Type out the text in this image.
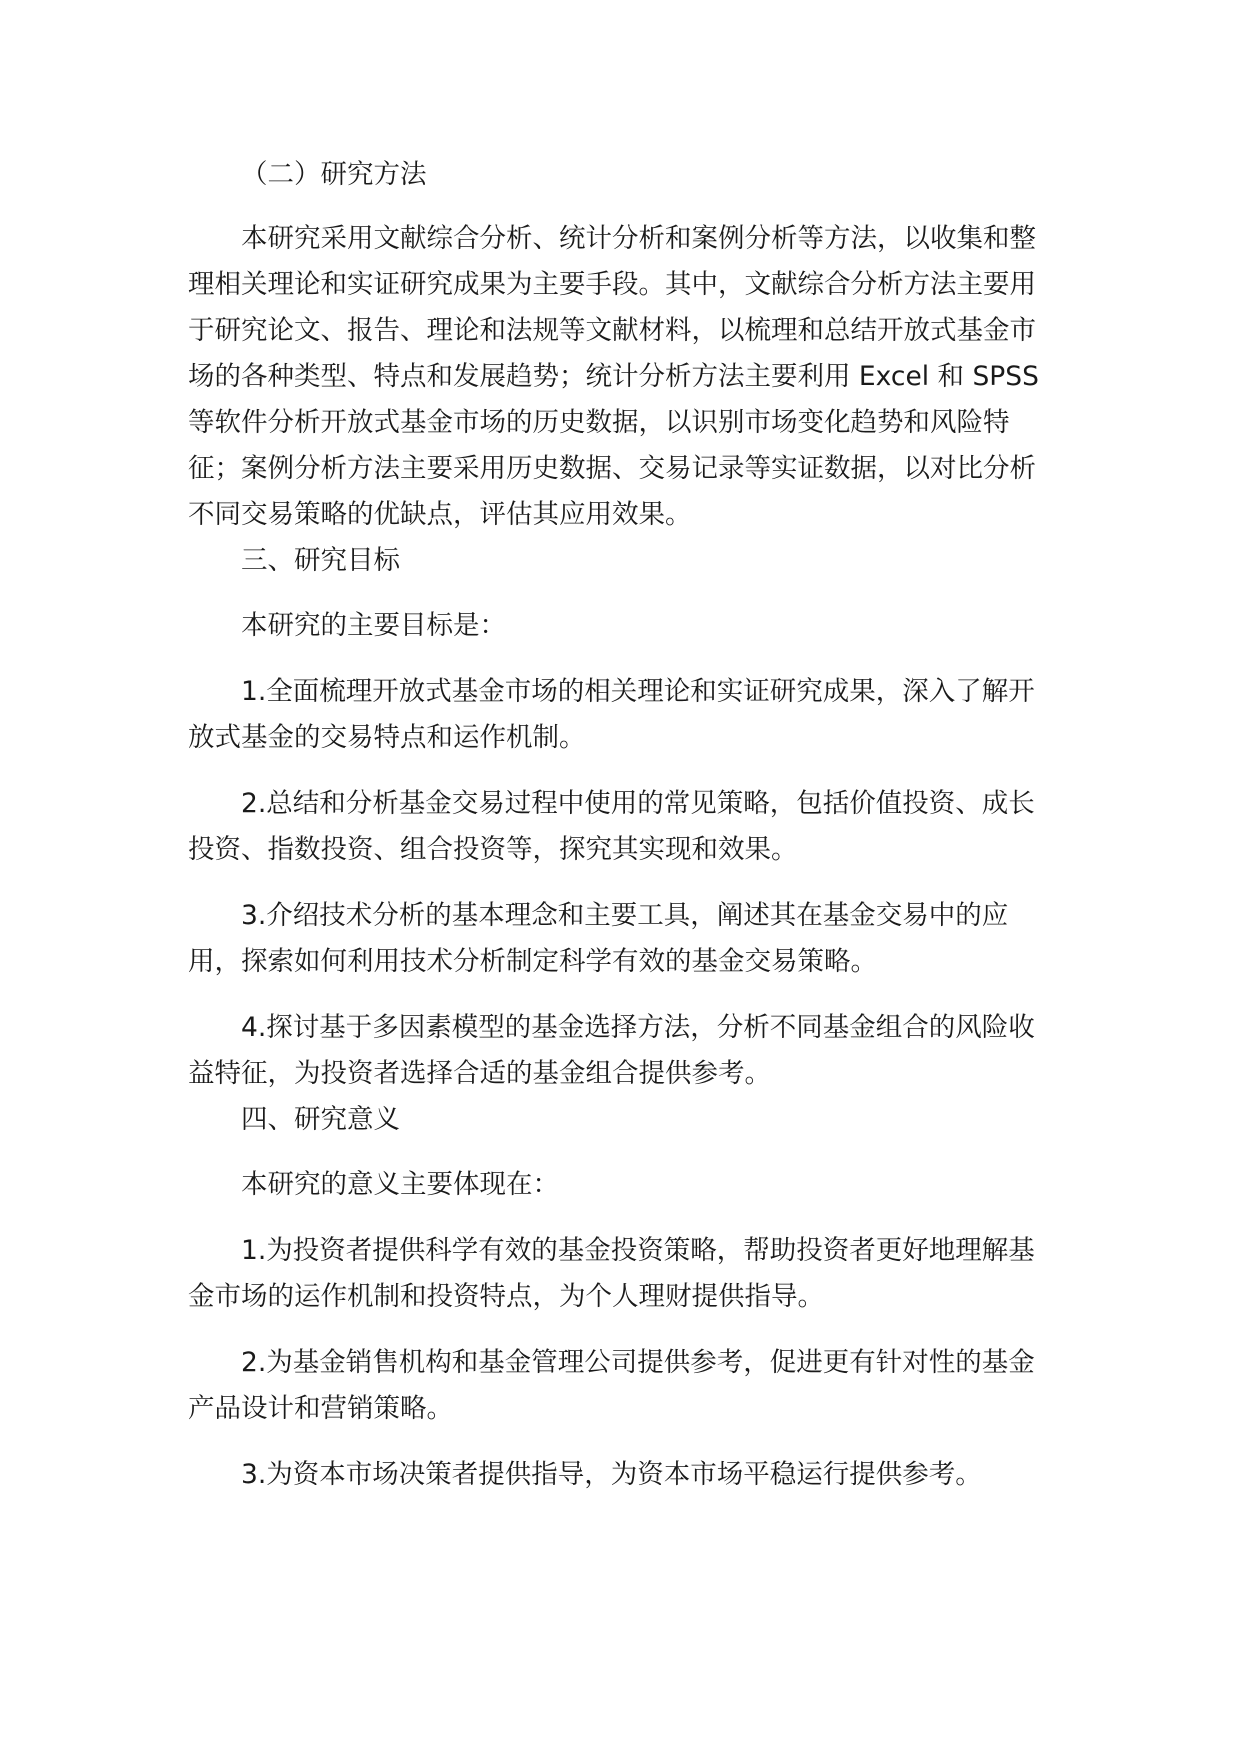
（二）研究方法

本研究采用文献综合分析、统计分析和案例分析等方法，以收集和整理相关理论和实证研究成果为主要手段。其中，文献综合分析方法主要用于研究论文、报告、理论和法规等文献材料，以梳理和总结开放式基金市场的各种类型、特点和发展趋势；统计分析方法主要利用 Excel 和 SPSS 等软件分析开放式基金市场的历史数据，以识别市场变化趋势和风险特征；案例分析方法主要采用历史数据、交易记录等实证数据，以对比分析不同交易策略的优缺点，评估其应用效果。

三、研究目标

本研究的主要目标是：

1.全面梳理开放式基金市场的相关理论和实证研究成果，深入了解开放式基金的交易特点和运作机制。

2.总结和分析基金交易过程中使用的常见策略，包括价值投资、成长投资、指数投资、组合投资等，探究其实现和效果。

3.介绍技术分析的基本理念和主要工具，阐述其在基金交易中的应用，探索如何利用技术分析制定科学有效的基金交易策略。

4.探讨基于多因素模型的基金选择方法，分析不同基金组合的风险收益特征，为投资者选择合适的基金组合提供参考。

四、研究意义

本研究的意义主要体现在：

1.为投资者提供科学有效的基金投资策略，帮助投资者更好地理解基金市场的运作机制和投资特点，为个人理财提供指导。

2.为基金销售机构和基金管理公司提供参考，促进更有针对性的基金产品设计和营销策略。

3.为资本市场决策者提供指导，为资本市场平稳运行提供参考。
